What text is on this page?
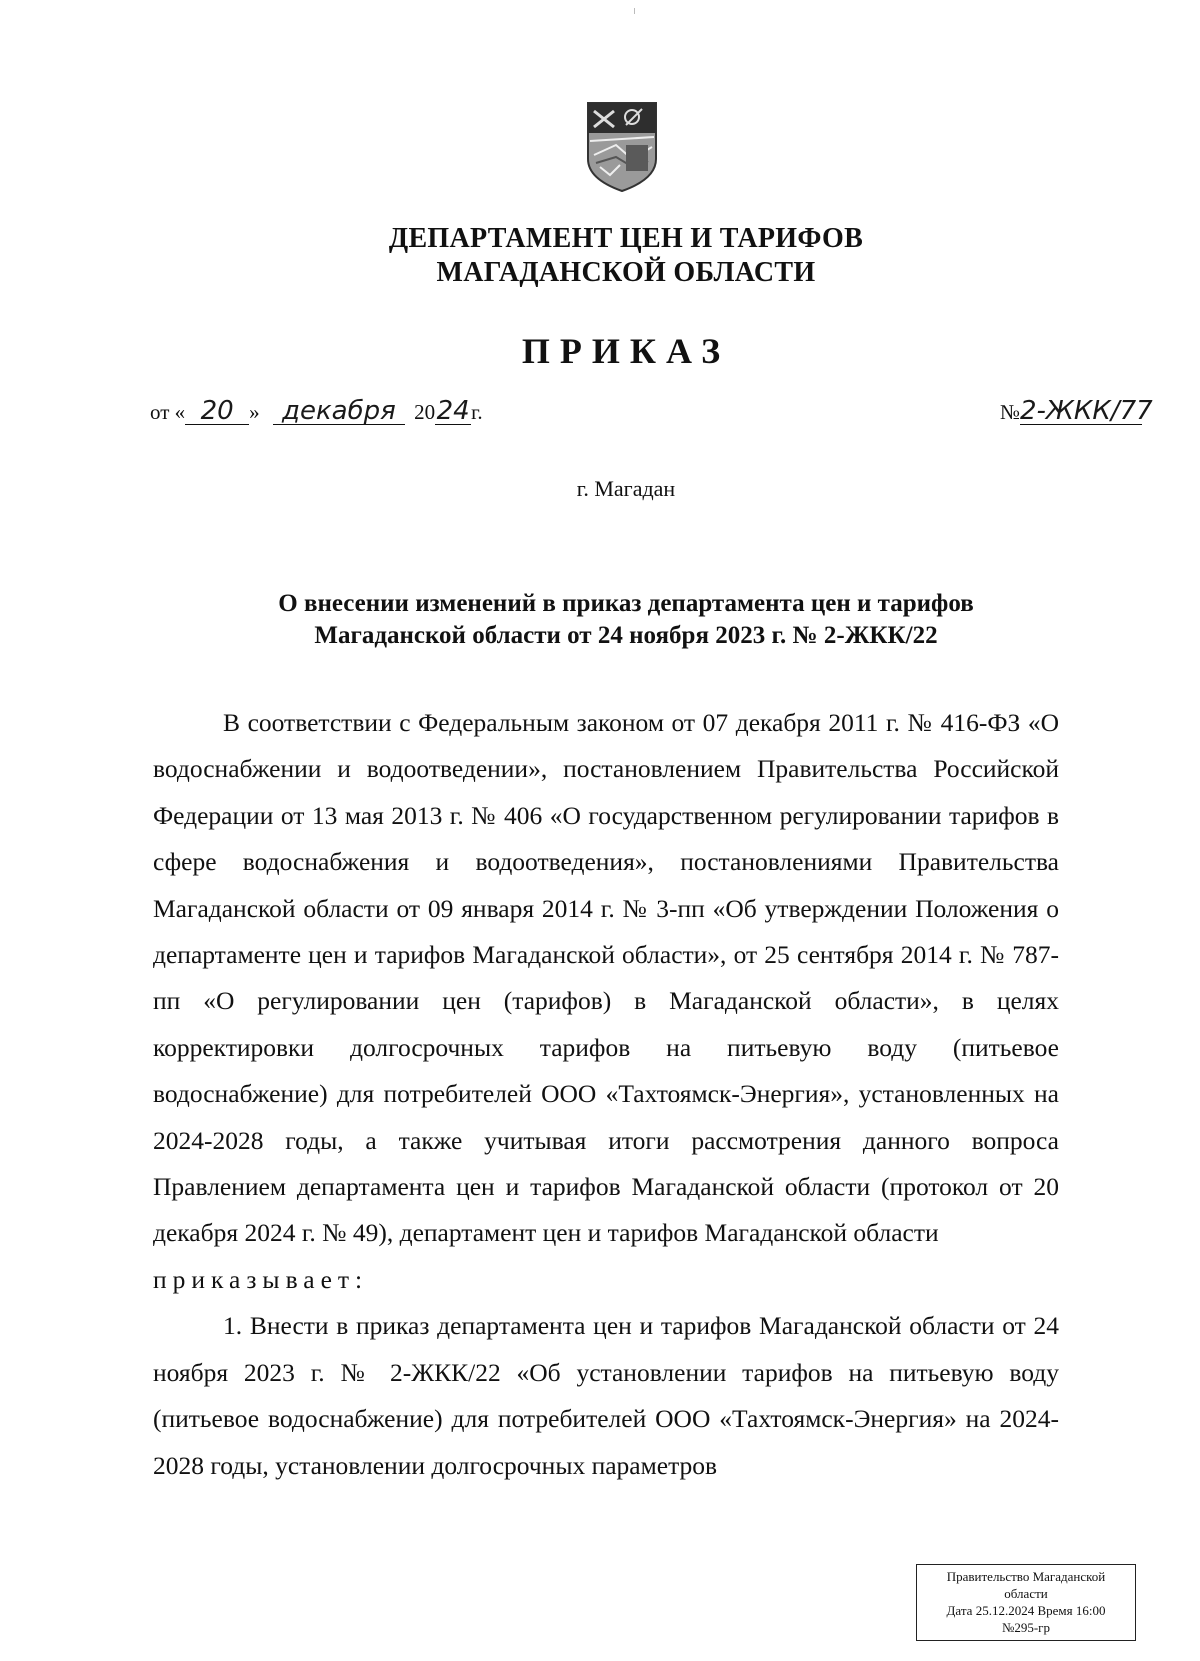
ДЕПАРТАМЕНТ ЦЕН И ТАРИФОВ
МАГАДАНСКОЙ ОБЛАСТИ
ПРИКАЗ
от « 20 » декабря 2024г.	№2-ЖКК/77
г. Магадан
О внесении изменений в приказ департамента цен и тарифов
Магаданской области от 24 ноября 2023 г. № 2-ЖКК/22

В соответствии с Федеральным законом от 07 декабря 2011 г. № 416-ФЗ «О водоснабжении и водоотведении», постановлением Правительства Российской Федерации от 13 мая 2013 г. № 406 «О государственном регулировании тарифов в сфере водоснабжения и водоотведения», постановлениями Правительства Магаданской области от 09 января 2014 г. № 3-пп «Об утверждении Положения о департаменте цен и тарифов Магаданской области», от 25 сентября 2014 г. № 787-пп «О регулировании цен (тарифов) в Магаданской области», в целях корректировки долгосрочных тарифов на питьевую воду (питьевое водоснабжение) для потребителей ООО «Тахтоямск-Энергия», установленных на 2024-2028 годы, а также учитывая итоги рассмотрения данного вопроса Правлением департамента цен и тарифов Магаданской области (протокол от 20 декабря 2024 г. № 49), департамент цен и тарифов Магаданской области

приказывает:

1. Внести в приказ департамента цен и тарифов Магаданской области от 24 ноября 2023 г. № 2-ЖКК/22 «Об установлении тарифов на питьевую воду (питьевое водоснабжение) для потребителей ООО «Тахтоямск-Энергия» на 2024-2028 годы, установлении долгосрочных параметров

Правительство Магаданской
области
Дата 25.12.2024 Время 16:00
№295-гр
